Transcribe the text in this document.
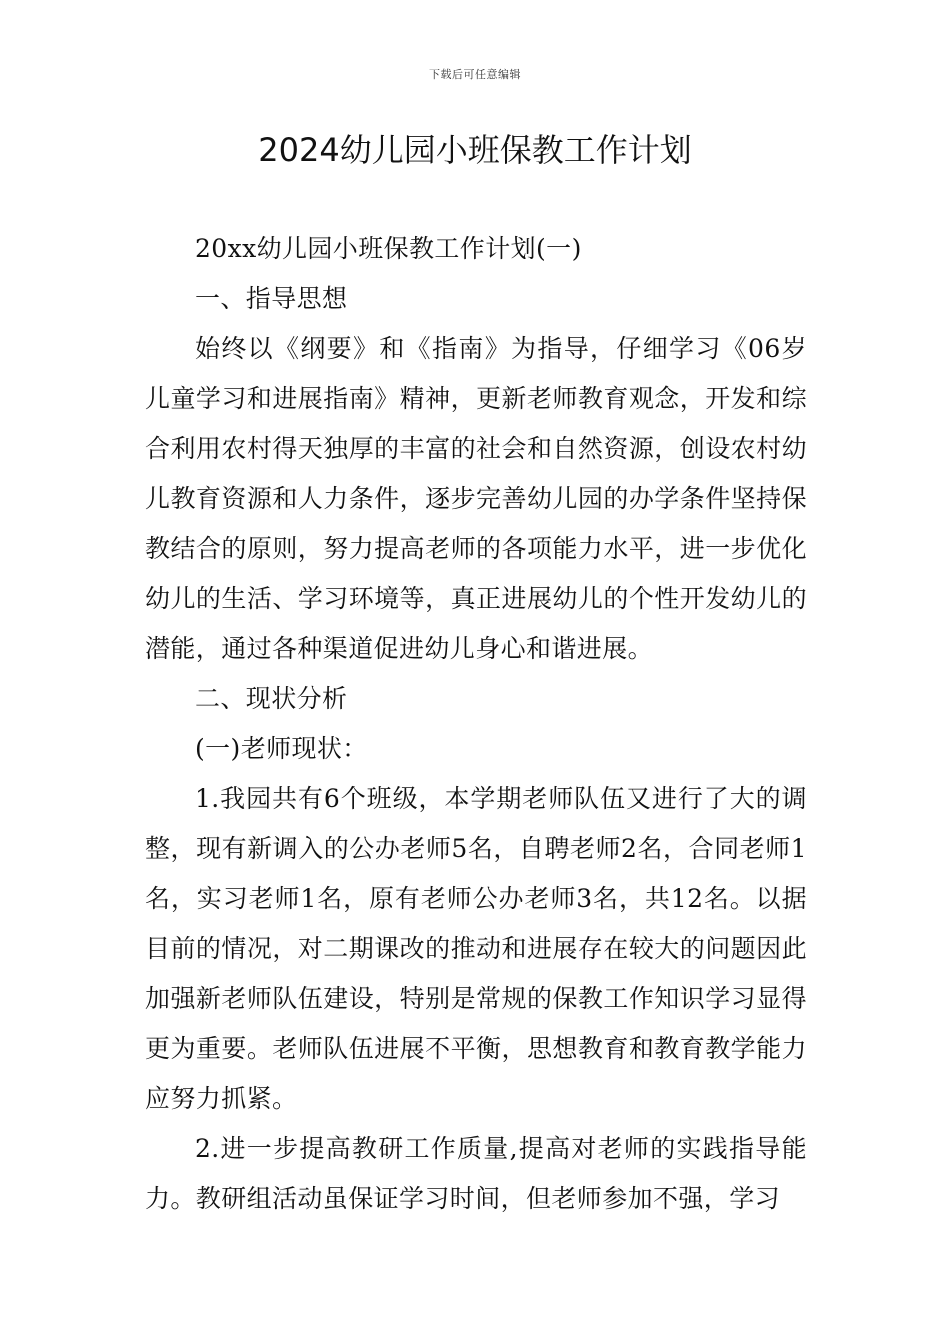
下载后可任意编辑
2024幼儿园小班保教工作计划

20xx幼儿园小班保教工作计划(一)

一、指导思想

始终以《纲要》和《指南》为指导，仔细学习《06岁儿童学习和进展指南》精神，更新老师教育观念，开发和综合利用农村得天独厚的丰富的社会和自然资源，创设农村幼儿教育资源和人力条件，逐步完善幼儿园的办学条件坚持保教结合的原则，努力提高老师的各项能力水平，进一步优化幼儿的生活、学习环境等，真正进展幼儿的个性开发幼儿的潜能，通过各种渠道促进幼儿身心和谐进展。

二、现状分析

(一)老师现状：

1.我园共有6个班级，本学期老师队伍又进行了大的调整，现有新调入的公办老师5名，自聘老师2名，合同老师1名，实习老师1名，原有老师公办老师3名，共12名。以据目前的情况，对二期课改的推动和进展存在较大的问题因此加强新老师队伍建设，特别是常规的保教工作知识学习显得更为重要。老师队伍进展不平衡，思想教育和教育教学能力应努力抓紧。

2.进一步提高教研工作质量,提高对老师的实践指导能力。教研组活动虽保证学习时间，但老师参加不强，学习
